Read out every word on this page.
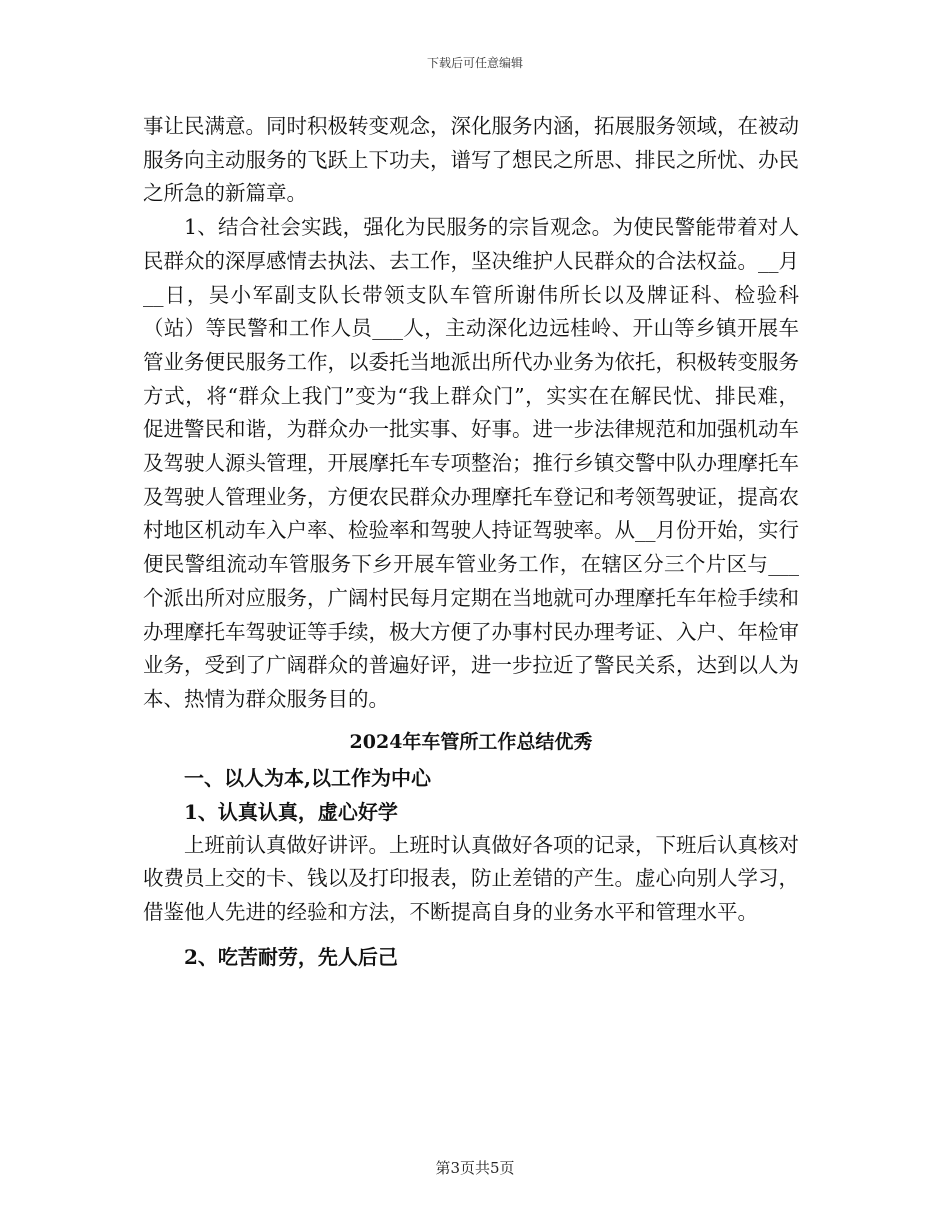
下载后可任意编辑

事让民满意。同时积极转变观念，深化服务内涵，拓展服务领域，在被动服务向主动服务的飞跃上下功夫，谱写了想民之所思、排民之所忧、办民之所急的新篇章。

1、结合社会实践，强化为民服务的宗旨观念。为使民警能带着对人民群众的深厚感情去执法、去工作，坚决维护人民群众的合法权益。__月__日，吴小军副支队长带领支队车管所谢伟所长以及牌证科、检验科（站）等民警和工作人员___人，主动深化边远桂岭、开山等乡镇开展车管业务便民服务工作，以委托当地派出所代办业务为依托，积极转变服务方式，将“群众上我门”变为“我上群众门”，实实在在解民忧、排民难，促进警民和谐，为群众办一批实事、好事。进一步法律规范和加强机动车及驾驶人源头管理，开展摩托车专项整治；推行乡镇交警中队办理摩托车及驾驶人管理业务，方便农民群众办理摩托车登记和考领驾驶证，提高农村地区机动车入户率、检验率和驾驶人持证驾驶率。从__月份开始，实行便民警组流动车管服务下乡开展车管业务工作，在辖区分三个片区与___个派出所对应服务，广阔村民每月定期在当地就可办理摩托车年检手续和办理摩托车驾驶证等手续，极大方便了办事村民办理考证、入户、年检审业务，受到了广阔群众的普遍好评，进一步拉近了警民关系，达到以人为本、热情为群众服务目的。

2024年车管所工作总结优秀

一、以人为本,以工作为中心

1、认真认真，虚心好学

上班前认真做好讲评。上班时认真做好各项的记录，下班后认真核对收费员上交的卡、钱以及打印报表，防止差错的产生。虚心向别人学习，借鉴他人先进的经验和方法，不断提高自身的业务水平和管理水平。

2、吃苦耐劳，先人后己

第3页共5页
